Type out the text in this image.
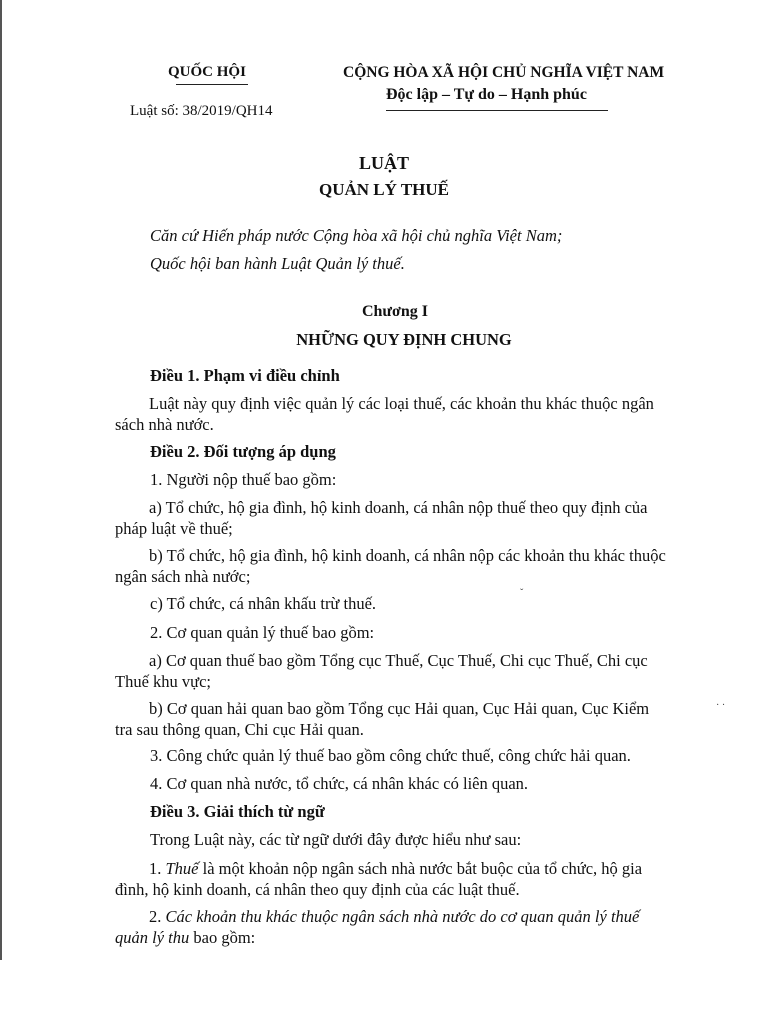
QUỐC HỘI
Luật số: 38/2019/QH14
CỘNG HÒA XÃ HỘI CHỦ NGHĨA VIỆT NAM
Độc lập – Tự do – Hạnh phúc
LUẬT
QUẢN LÝ THUẾ
Căn cứ Hiến pháp nước Cộng hòa xã hội chủ nghĩa Việt Nam;
Quốc hội ban hành Luật Quản lý thuế.
Chương I
NHỮNG QUY ĐỊNH CHUNG
Điều 1. Phạm vi điều chỉnh
Luật này quy định việc quản lý các loại thuế, các khoản thu khác thuộc ngân
sách nhà nước.
Điều 2. Đối tượng áp dụng
1. Người nộp thuế bao gồm:
a) Tổ chức, hộ gia đình, hộ kinh doanh, cá nhân nộp thuế theo quy định của
pháp luật về thuế;
b) Tổ chức, hộ gia đình, hộ kinh doanh, cá nhân nộp các khoản thu khác thuộc
ngân sách nhà nước;
c) Tổ chức, cá nhân khấu trừ thuế.
2. Cơ quan quản lý thuế bao gồm:
a) Cơ quan thuế bao gồm Tổng cục Thuế, Cục Thuế, Chi cục Thuế, Chi cục
Thuế khu vực;
b) Cơ quan hải quan bao gồm Tổng cục Hải quan, Cục Hải quan, Cục Kiểm
tra sau thông quan, Chi cục Hải quan.
3. Công chức quản lý thuế bao gồm công chức thuế, công chức hải quan.
4. Cơ quan nhà nước, tổ chức, cá nhân khác có liên quan.
Điều 3. Giải thích từ ngữ
Trong Luật này, các từ ngữ dưới đây được hiểu như sau:
1. Thuế là một khoản nộp ngân sách nhà nước bắt buộc của tổ chức, hộ gia
đình, hộ kinh doanh, cá nhân theo quy định của các luật thuế.
2. Các khoản thu khác thuộc ngân sách nhà nước do cơ quan quản lý thuế
quản lý thu bao gồm:
· ·
ˇ
